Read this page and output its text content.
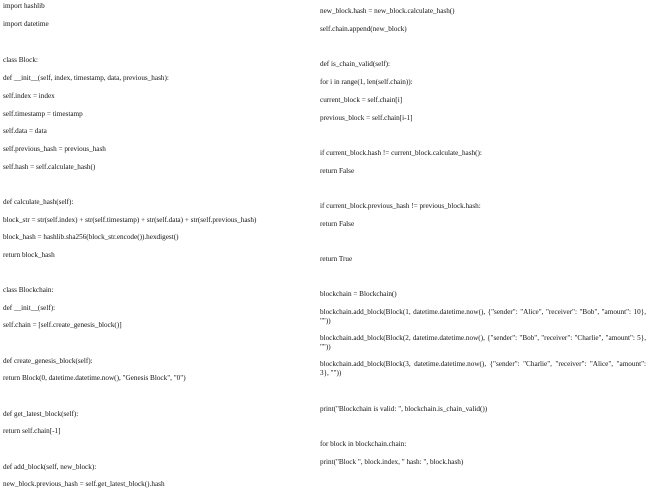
import hashlib
import datetime
class Block:
def __init__(self, index, timestamp, data, previous_hash):
self.index = index
self.timestamp = timestamp
self.data = data
self.previous_hash = previous_hash
self.hash = self.calculate_hash()
def calculate_hash(self):
block_str = str(self.index) + str(self.timestamp) + str(self.data) + str(self.previous_hash)
block_hash = hashlib.sha256(block_str.encode()).hexdigest()
return block_hash
class Blockchain:
def __init__(self):
self.chain = [self.create_genesis_block()]
def create_genesis_block(self):
return Block(0, datetime.datetime.now(), "Genesis Block", "0")
def get_latest_block(self):
return self.chain[-1]
def add_block(self, new_block):
new_block.previous_hash = self.get_latest_block().hash
new_block.hash = new_block.calculate_hash()
self.chain.append(new_block)
def is_chain_valid(self):
for i in range(1, len(self.chain)):
current_block = self.chain[i]
previous_block = self.chain[i-1]
if current_block.hash != current_block.calculate_hash():
return False
if current_block.previous_hash != previous_block.hash:
return False
return True
blockchain = Blockchain()
blockchain.add_block(Block(1, datetime.datetime.now(), {"sender": "Alice", "receiver": "Bob", "amount": 10}, ""))
blockchain.add_block(Block(2, datetime.datetime.now(), {"sender": "Bob", "receiver": "Charlie", "amount": 5}, ""))
blockchain.add_block(Block(3, datetime.datetime.now(), {"sender": "Charlie", "receiver": "Alice", "amount": 3}, ""))
print("Blockchain is valid: ", blockchain.is_chain_valid())
for block in blockchain.chain:
print("Block ", block.index, " hash: ", block.hash)
